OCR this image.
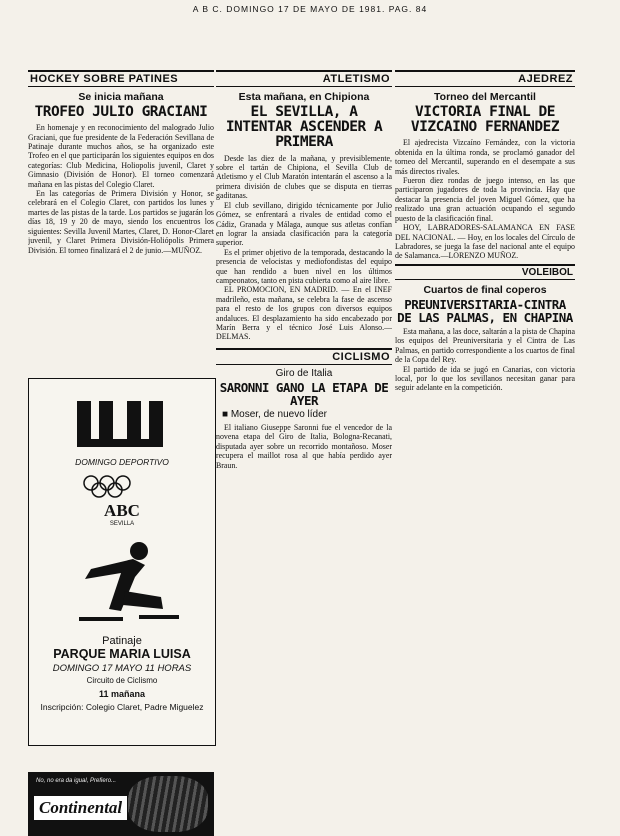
A B C. DOMINGO 17 DE MAYO DE 1981. PAG. 84
HOCKEY SOBRE PATINES
Se inicia mañana
TROFEO JULIO GRACIANI

En homenaje y en reconocimiento del malogrado Julio Graciani, que fue presidente de la Federación Sevillana de Patinaje durante muchos años, se ha organizado este Trofeo en el que participarán los siguientes equipos en dos categorías: Club Medicina, Holiopolis juvenil, Claret y Gimnasio (División de Honor). El torneo comenzará mañana en las pistas del Colegio Claret.

En las categorías de Primera División y Honor, se celebrará en el Colegio Claret, con partidos los lunes y martes de las pistas de la tarde. Los partidos se jugarán los días 18, 19 y 20 de mayo, siendo los encuentros los siguientes: Sevilla Juvenil Martes, Claret, D. Honor-Claret juvenil, y Claret Primera División-Holiópolis Primera División. El torneo finalizará el 2 de junio.—MUÑOZ.

DOMINGO DEPORTIVO
ABC
SEVILLA
Patinaje
PARQUE MARIA LUISA
DOMINGO 17 MAYO 11 HORAS
Circuito de Ciclismo
11 mañana
Inscripción: Colegio Claret, Padre Miguelez
No, no era da igual, Prefiero...
Continental
ATLETISMO
Esta mañana, en Chipiona
EL SEVILLA, A INTENTAR ASCENDER A PRIMERA

Desde las diez de la mañana, y previsiblemente, sobre el tartán de Chipiona, el Sevilla Club de Atletismo y el Club Maratón intentarán el ascenso a la primera división de clubes que se disputa en tierras gaditanas.

El club sevillano, dirigido técnicamente por Julio Gómez, se enfrentará a rivales de entidad como el Cádiz, Granada y Málaga, aunque sus atletas confían en lograr la ansiada clasificación para la categoría superior.

Es el primer objetivo de la temporada, destacando la presencia de velocistas y mediofondistas del equipo que han rendido a buen nivel en los últimos campeonatos, tanto en pista cubierta como al aire libre.

EL PROMOCION, EN MADRID. — En el INEF madrileño, esta mañana, se celebra la fase de ascenso para el resto de los grupos con diversos equipos andaluces. El desplazamiento ha sido encabezado por Marín Berra y el técnico José Luis Alonso.—DELMAS.

CICLISMO
Giro de Italia
SARONNI GANO LA ETAPA DE AYER
■ Moser, de nuevo líder

El italiano Giuseppe Saronni fue el vencedor de la novena etapa del Giro de Italia, Bologna-Recanati, disputada ayer sobre un recorrido montañoso. Moser recupera el maillot rosa al que había perdido ayer Braun.

AJEDREZ
Torneo del Mercantil
VICTORIA FINAL DE VIZCAINO FERNANDEZ

El ajedrecista Vizcaíno Fernández, con la victoria obtenida en la última ronda, se proclamó ganador del torneo del Mercantil, superando en el desempate a sus más directos rivales.

Fueron diez rondas de juego intenso, en las que participaron jugadores de toda la provincia. Hay que destacar la presencia del joven Miguel Gómez, que ha realizado una gran actuación ocupando el segundo puesto de la clasificación final.

HOY, LABRADORES-SALAMANCA EN FASE DEL NACIONAL. — Hoy, en los locales del Círculo de Labradores, se juega la fase del nacional ante el equipo de Salamanca.—LORENZO MUÑOZ.

VOLEIBOL
Cuartos de final coperos
PREUNIVERSITARIA-CINTRA DE LAS PALMAS, EN CHAPINA

Esta mañana, a las doce, saltarán a la pista de Chapina los equipos del Preuniversitaria y el Cintra de Las Palmas, en partido correspondiente a los cuartos de final de la Copa del Rey.

El partido de ida se jugó en Canarias, con victoria local, por lo que los sevillanos necesitan ganar para seguir adelante en la competición.
